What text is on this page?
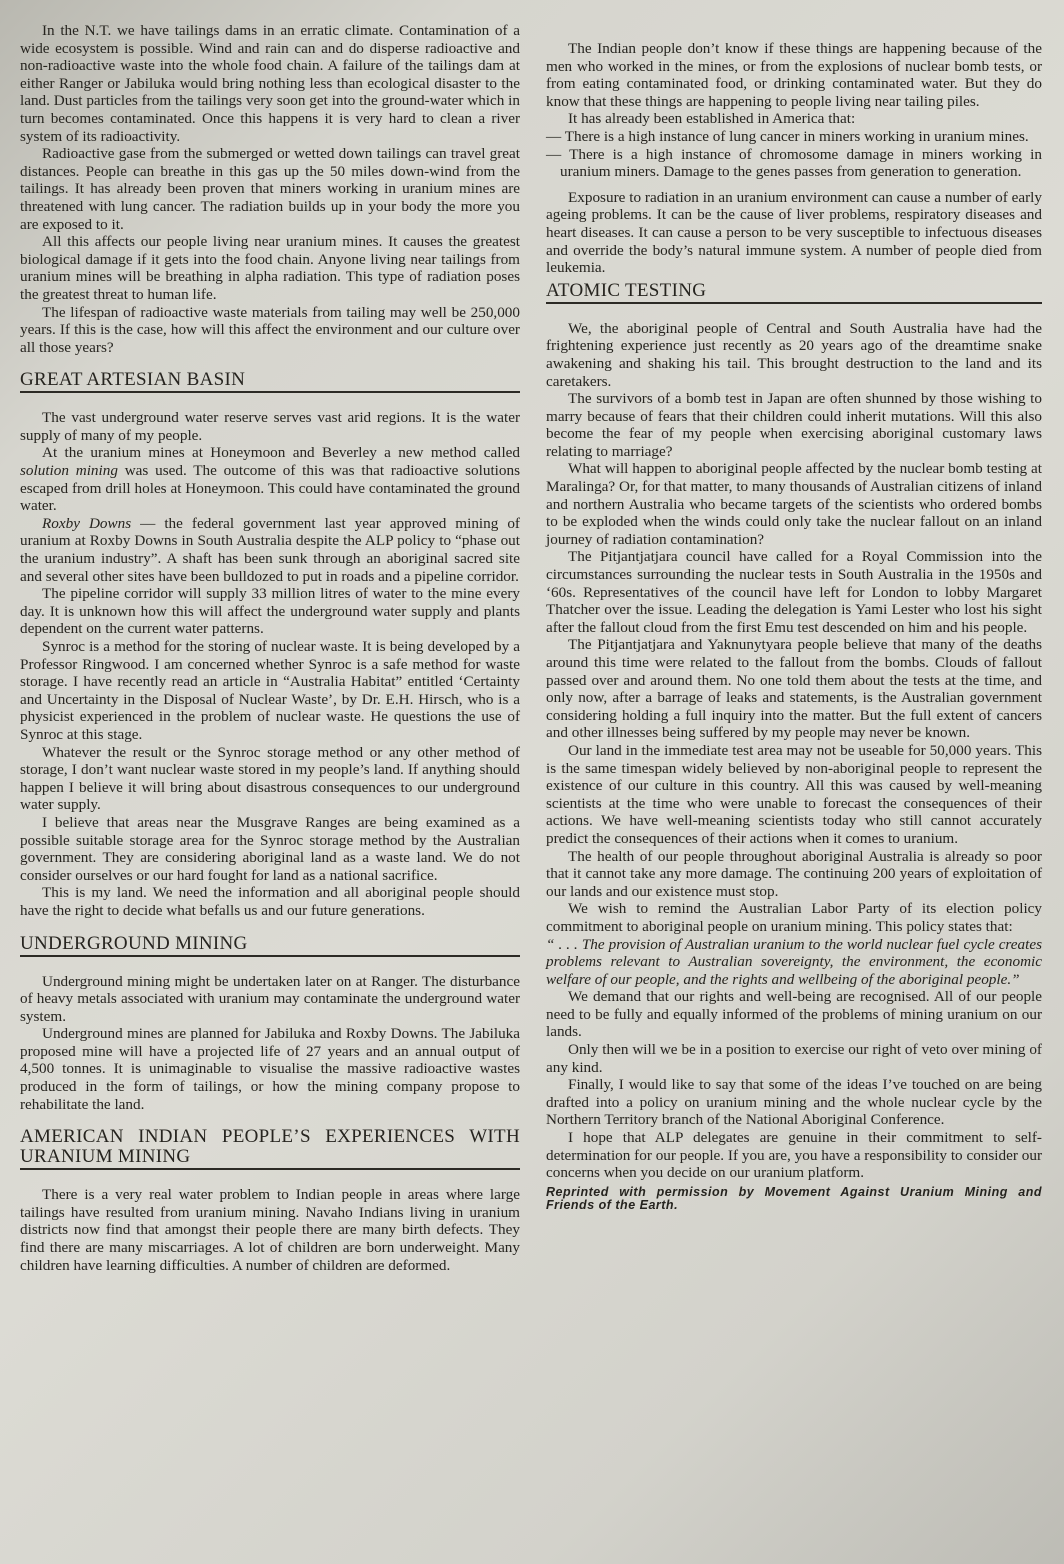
In the N.T. we have tailings dams in an erratic climate. Contamination of a wide ecosystem is possible. Wind and rain can and do disperse radioactive and non-radioactive waste into the whole food chain. A failure of the tailings dam at either Ranger or Jabiluka would bring nothing less than ecological disaster to the land. Dust particles from the tailings very soon get into the ground-water which in turn becomes contaminated. Once this happens it is very hard to clean a river system of its radioactivity.

Radioactive gase from the submerged or wetted down tailings can travel great distances. People can breathe in this gas up the 50 miles down-wind from the tailings. It has already been proven that miners working in uranium mines are threatened with lung cancer. The radiation builds up in your body the more you are exposed to it.

All this affects our people living near uranium mines. It causes the greatest biological damage if it gets into the food chain. Anyone living near tailings from uranium mines will be breathing in alpha radiation. This type of radiation poses the greatest threat to human life.

The lifespan of radioactive waste materials from tailing may well be 250,000 years. If this is the case, how will this affect the environment and our culture over all those years?

GREAT ARTESIAN BASIN

The vast underground water reserve serves vast arid regions. It is the water supply of many of my people.

At the uranium mines at Honeymoon and Beverley a new method called solution mining was used. The outcome of this was that radioactive solutions escaped from drill holes at Honeymoon. This could have contaminated the ground water.

Roxby Downs — the federal government last year approved mining of uranium at Roxby Downs in South Australia despite the ALP policy to “phase out the uranium industry”. A shaft has been sunk through an aboriginal sacred site and several other sites have been bulldozed to put in roads and a pipeline corridor.

The pipeline corridor will supply 33 million litres of water to the mine every day. It is unknown how this will affect the underground water supply and plants dependent on the current water patterns.

Synroc is a method for the storing of nuclear waste. It is being developed by a Professor Ringwood. I am concerned whether Synroc is a safe method for waste storage. I have recently read an article in “Australia Habitat” entitled ‘Certainty and Uncertainty in the Disposal of Nuclear Waste’, by Dr. E.H. Hirsch, who is a physicist experienced in the problem of nuclear waste. He questions the use of Synroc at this stage.

Whatever the result or the Synroc storage method or any other method of storage, I don’t want nuclear waste stored in my people’s land. If anything should happen I believe it will bring about disastrous consequences to our underground water supply.

I believe that areas near the Musgrave Ranges are being examined as a possible suitable storage area for the Synroc storage method by the Australian government. They are considering aboriginal land as a waste land. We do not consider ourselves or our hard fought for land as a national sacrifice.

This is my land. We need the information and all aboriginal people should have the right to decide what befalls us and our future generations.

UNDERGROUND MINING

Underground mining might be undertaken later on at Ranger. The disturbance of heavy metals associated with uranium may contaminate the underground water system.

Underground mines are planned for Jabiluka and Roxby Downs. The Jabiluka proposed mine will have a projected life of 27 years and an annual output of 4,500 tonnes. It is unimaginable to visualise the massive radioactive wastes produced in the form of tailings, or how the mining company propose to rehabilitate the land.

AMERICAN INDIAN PEOPLE’S EXPERIENCES WITH URANIUM MINING

There is a very real water problem to Indian people in areas where large tailings have resulted from uranium mining. Navaho Indians living in uranium districts now find that amongst their people there are many birth defects. They find there are many miscarriages. A lot of children are born underweight. Many children have learning difficulties. A number of children are deformed.

The Indian people don’t know if these things are happening because of the men who worked in the mines, or from the explosions of nuclear bomb tests, or from eating contaminated food, or drinking contaminated water. But they do know that these things are happening to people living near tailing piles.

It has already been established in America that:

— There is a high instance of lung cancer in miners working in uranium mines.

— There is a high instance of chromosome damage in miners working in uranium miners. Damage to the genes passes from generation to generation.

Exposure to radiation in an uranium environment can cause a number of early ageing problems. It can be the cause of liver problems, respiratory diseases and heart diseases. It can cause a person to be very susceptible to infectuous diseases and override the body’s natural immune system. A number of people died from leukemia.

ATOMIC TESTING

We, the aboriginal people of Central and South Australia have had the frightening experience just recently as 20 years ago of the dreamtime snake awakening and shaking his tail. This brought destruction to the land and its caretakers.

The survivors of a bomb test in Japan are often shunned by those wishing to marry because of fears that their children could inherit mutations. Will this also become the fear of my people when exercising aboriginal customary laws relating to marriage?

What will happen to aboriginal people affected by the nuclear bomb testing at Maralinga? Or, for that matter, to many thousands of Australian citizens of inland and northern Australia who became targets of the scientists who ordered bombs to be exploded when the winds could only take the nuclear fallout on an inland journey of radiation contamination?

The Pitjantjatjara council have called for a Royal Commission into the circumstances surrounding the nuclear tests in South Australia in the 1950s and ‘60s. Representatives of the council have left for London to lobby Margaret Thatcher over the issue. Leading the delegation is Yami Lester who lost his sight after the fallout cloud from the first Emu test descended on him and his people.

The Pitjantjatjara and Yaknunytyara people believe that many of the deaths around this time were related to the fallout from the bombs. Clouds of fallout passed over and around them. No one told them about the tests at the time, and only now, after a barrage of leaks and statements, is the Australian government considering holding a full inquiry into the matter. But the full extent of cancers and other illnesses being suffered by my people may never be known.

Our land in the immediate test area may not be useable for 50,000 years. This is the same timespan widely believed by non-aboriginal people to represent the existence of our culture in this country. All this was caused by well-meaning scientists at the time who were unable to forecast the consequences of their actions. We have well-meaning scientists today who still cannot accurately predict the consequences of their actions when it comes to uranium.

The health of our people throughout aboriginal Australia is already so poor that it cannot take any more damage. The continuing 200 years of exploitation of our lands and our existence must stop.

We wish to remind the Australian Labor Party of its election policy commitment to aboriginal people on uranium mining. This policy states that:

“ . . . The provision of Australian uranium to the world nuclear fuel cycle creates problems relevant to Australian sovereignty, the environment, the economic welfare of our people, and the rights and wellbeing of the aboriginal people.”

We demand that our rights and well-being are recognised. All of our people need to be fully and equally informed of the problems of mining uranium on our lands.

Only then will we be in a position to exercise our right of veto over mining of any kind.

Finally, I would like to say that some of the ideas I’ve touched on are being drafted into a policy on uranium mining and the whole nuclear cycle by the Northern Territory branch of the National Aboriginal Conference.

I hope that ALP delegates are genuine in their commitment to self-determination for our people. If you are, you have a responsibility to consider our concerns when you decide on our uranium platform.

Reprinted with permission by Movement Against Uranium Mining and Friends of the Earth.
